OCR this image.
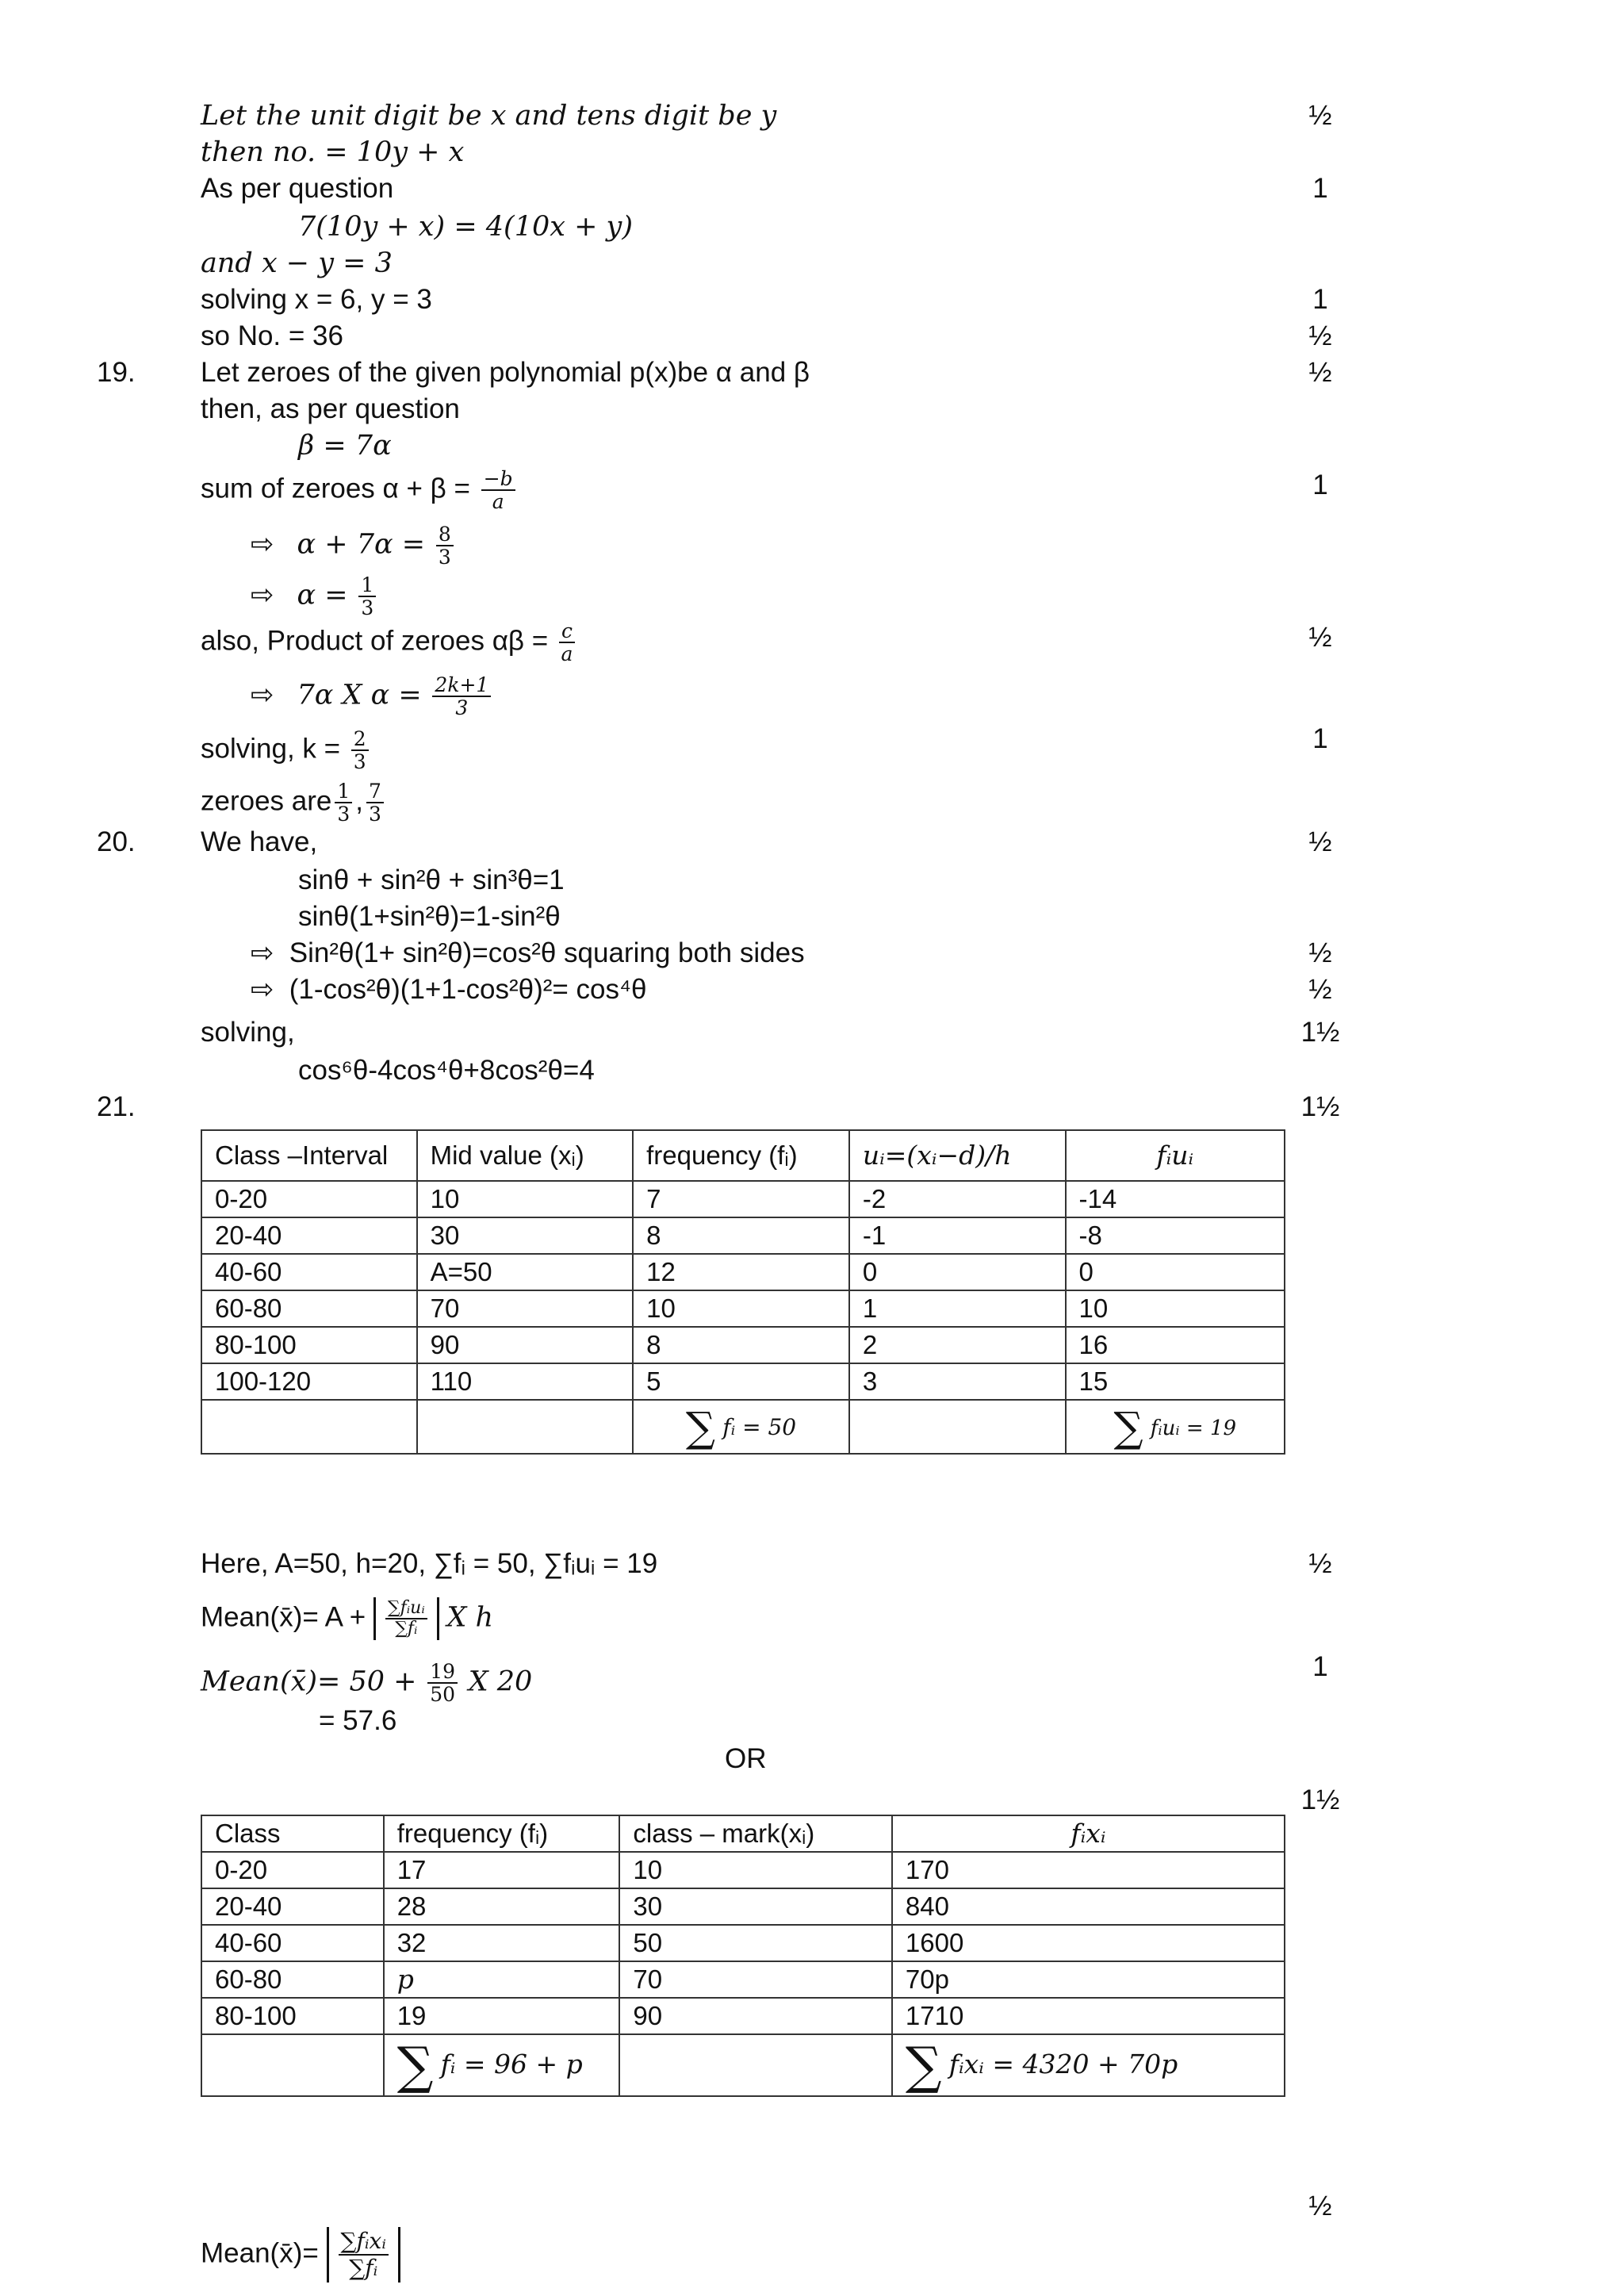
Let the unit digit be x and tens digit be y	½
then no. = 10y + x
As per question	1
7(10y + x) = 4(10x + y)
and x − y = 3
solving x = 6, y = 3	1
so No. = 36	½
19. Let zeroes of the given polynomial p(x)be α and β	½
then, as per question
β = 7α
sum of zeroes $\alpha + \beta = \frac{-b}{a}$	1
⇨ $\alpha + 7\alpha = \frac{8}{3}$
⇨ $\alpha = \frac{1}{3}$
also, Product of zeroes $\alpha\beta = \frac{c}{a}$	½
⇨ 7α X $\alpha = \frac{2k+1}{3}$
solving, $k = \frac{2}{3}$	1
zeroes are $\frac{1}{3}$ , $\frac{7}{3}$
20. We have,	½
sinθ + sin²θ + sin³θ=1
sinθ(1+sin²θ)=1-sin²θ
⇨ Sin²θ(1+ sin²θ)=cos²θ squaring both sides	½
⇨ (1-cos²θ)(1+1-cos²θ)²= cos⁴θ	½
solving,	1½
cos⁶θ-4cos⁴θ+8cos²θ=4
21.	1½
Class –Interval	Mid value (xᵢ)	frequency (fᵢ)	uᵢ=(xᵢ−d)/h	fᵢuᵢ
0-20	10	7	-2	-14
20-40	30	8	-1	-8
40-60	A=50	12	0	0
60-80	70	10	1	10
80-100	90	8	2	16
100-120	110	5	3	15
		∑ fᵢ = 50		∑ fᵢuᵢ = 19
Here, A=50, h=20, ∑fᵢ = 50, ∑fᵢuᵢ = 19	½
Mean(x̄)= $A + \frac{\text{∑fᵢuᵢ}}{\text{∑fᵢ}}$ X h
Mean(x̄)= $50 + \frac{19}{50}$ X 20	1
= 57.6
OR
1½
Class	frequency (fᵢ)	class – mark(xᵢ)	fᵢxᵢ
0-20	17	10	170
20-40	28	30	840
40-60	32	50	1600
60-80	p	70	70p
80-100	19	90	1710
	∑ fᵢ = 96 + p		∑ fᵢxᵢ = 4320 + 70p
½
Mean(x̄)= $\frac{\text{∑fᵢxᵢ}}{\text{∑fᵢ}}$
